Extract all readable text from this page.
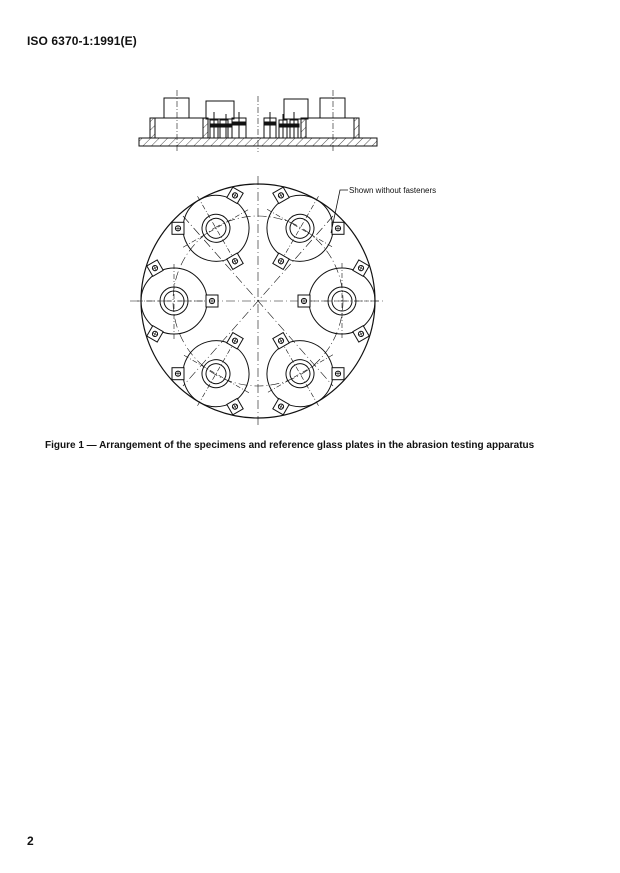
ISO 6370-1:1991(E)
Shown without fasteners
Figure 1 — Arrangement of the specimens and reference glass plates in the abrasion testing apparatus
2
